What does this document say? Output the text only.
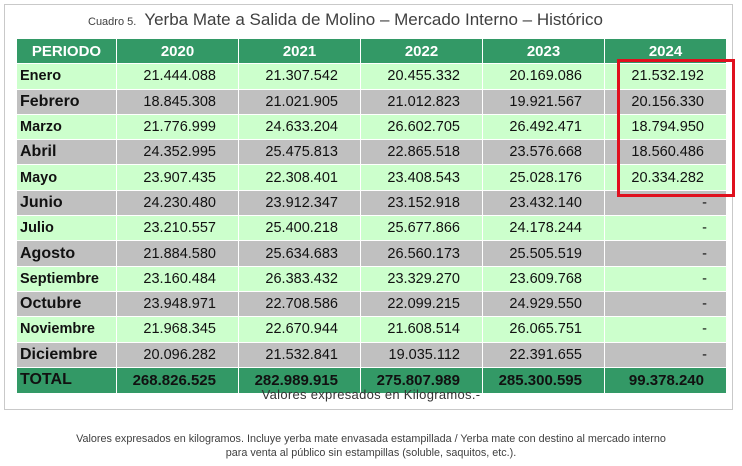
Cuadro 5. Yerba Mate a Salida de Molino – Mercado Interno – Histórico
PERIODO	2020	2021	2022	2023	2024
Enero	21.444.088	21.307.542	20.455.332	20.169.086	21.532.192
Febrero	18.845.308	21.021.905	21.012.823	19.921.567	20.156.330
Marzo	21.776.999	24.633.204	26.602.705	26.492.471	18.794.950
Abril	24.352.995	25.475.813	22.865.518	23.576.668	18.560.486
Mayo	23.907.435	22.308.401	23.408.543	25.028.176	20.334.282
Junio	24.230.480	23.912.347	23.152.918	23.432.140	-
Julio	23.210.557	25.400.218	25.677.866	24.178.244	-
Agosto	21.884.580	25.634.683	26.560.173	25.505.519	-
Septiembre	23.160.484	26.383.432	23.329.270	23.609.768	-
Octubre	23.948.971	22.708.586	22.099.215	24.929.550	-
Noviembre	21.968.345	22.670.944	21.608.514	26.065.751	-
Diciembre	20.096.282	21.532.841	19.035.112	22.391.655	-
TOTAL	268.826.525	282.989.915	275.807.989	285.300.595	99.378.240
Valores expresados en Kilogramos.-
Valores expresados en kilogramos. Incluye yerba mate envasada estampillada / Yerba mate con destino al mercado interno
para venta al público sin estampillas (soluble, saquitos, etc.).
